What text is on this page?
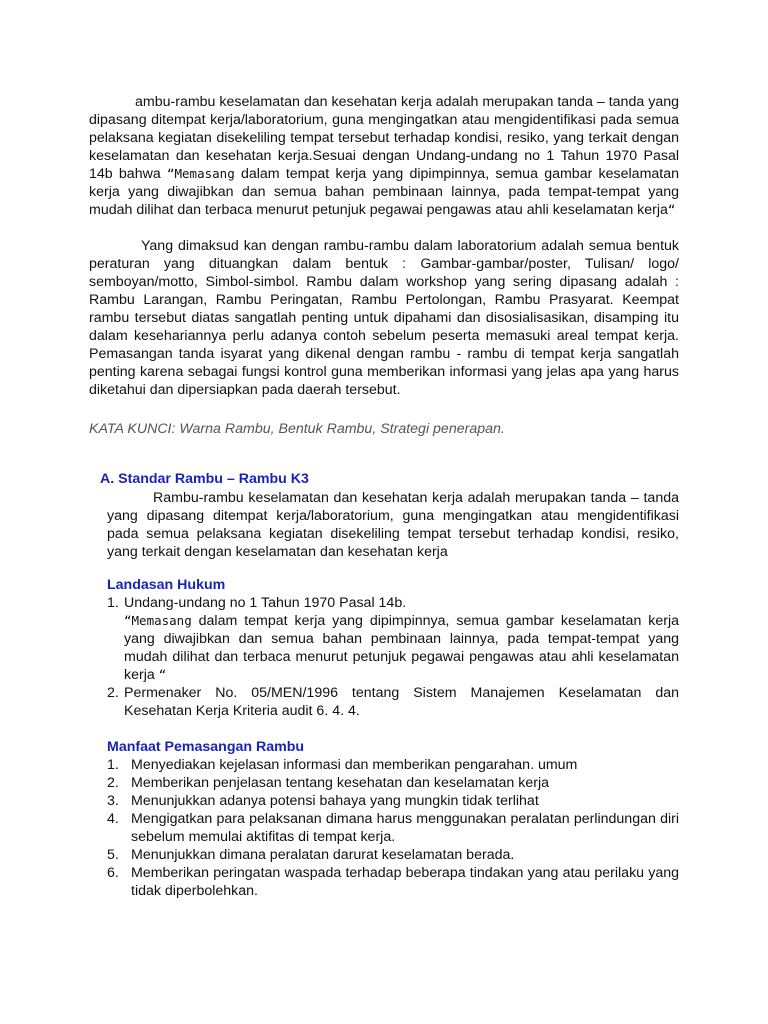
ambu-rambu keselamatan dan kesehatan kerja adalah merupakan tanda – tanda yang dipasang ditempat kerja/laboratorium, guna mengingatkan atau mengidentifikasi pada semua pelaksana kegiatan disekeliling tempat tersebut terhadap kondisi, resiko, yang terkait dengan keselamatan dan kesehatan kerja.Sesuai dengan Undang-undang no 1 Tahun 1970 Pasal 14b bahwa “Memasang dalam tempat kerja yang dipimpinnya, semua gambar keselamatan kerja yang diwajibkan dan semua bahan pembinaan lainnya, pada tempat-tempat yang mudah dilihat dan terbaca menurut petunjuk pegawai pengawas atau ahli keselamatan kerja“

Yang dimaksud kan dengan rambu-rambu dalam laboratorium adalah semua bentuk peraturan yang dituangkan dalam bentuk : Gambar-gambar/poster, Tulisan/ logo/ semboyan/motto, Simbol-simbol. Rambu dalam workshop yang sering dipasang adalah : Rambu Larangan, Rambu Peringatan, Rambu Pertolongan, Rambu Prasyarat. Keempat rambu tersebut diatas sangatlah penting untuk dipahami dan disosialisasikan, disamping itu dalam kesehariannya perlu adanya contoh sebelum peserta memasuki areal tempat kerja. Pemasangan tanda isyarat yang dikenal dengan rambu - rambu di tempat kerja sangatlah penting karena sebagai fungsi kontrol guna memberikan informasi yang jelas apa yang harus diketahui dan dipersiapkan pada daerah tersebut.

KATA KUNCI: Warna Rambu, Bentuk Rambu, Strategi penerapan.

A. Standar Rambu – Rambu K3

Rambu-rambu keselamatan dan kesehatan kerja adalah merupakan tanda – tanda yang dipasang ditempat kerja/laboratorium, guna mengingatkan atau mengidentifikasi pada semua pelaksana kegiatan disekeliling tempat tersebut terhadap kondisi, resiko, yang terkait dengan keselamatan dan kesehatan kerja

Landasan Hukum

1. Undang-undang no 1 Tahun 1970 Pasal 14b.
“Memasang dalam tempat kerja yang dipimpinnya, semua gambar keselamatan kerja yang diwajibkan dan semua bahan pembinaan lainnya, pada tempat-tempat yang mudah dilihat dan terbaca menurut petunjuk pegawai pengawas atau ahli keselamatan kerja “
2. Permenaker No. 05/MEN/1996 tentang Sistem Manajemen Keselamatan dan Kesehatan Kerja Kriteria audit 6. 4. 4.

Manfaat Pemasangan Rambu

1. Menyediakan kejelasan informasi dan memberikan pengarahan. umum
2. Memberikan penjelasan tentang kesehatan dan keselamatan kerja
3. Menunjukkan adanya potensi bahaya yang mungkin tidak terlihat
4. Mengigatkan para pelaksanan dimana harus menggunakan peralatan perlindungan diri sebelum memulai aktifitas di tempat kerja.
5. Menunjukkan dimana peralatan darurat keselamatan berada.
6. Memberikan peringatan waspada terhadap beberapa tindakan yang atau perilaku yang tidak diperbolehkan.
